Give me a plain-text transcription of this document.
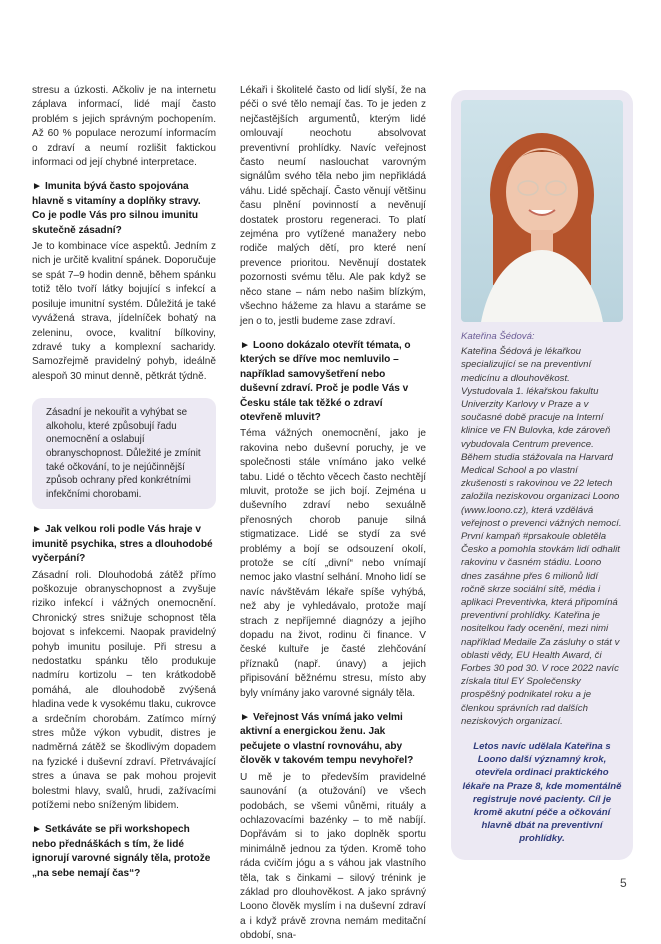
stresu a úzkosti. Ačkoliv je na internetu záplava informací, lidé mají často problém s jejich správným pochopením. Až 60 % populace nerozumí informacím o zdraví a neumí rozlišit faktickou informaci od její chybné interpretace.

► Imunita bývá často spojována hlavně s vitamíny a doplňky stravy. Co je podle Vás pro silnou imunitu skutečně zásadní?

Je to kombinace více aspektů. Jedním z nich je určitě kvalitní spánek. Doporučuje se spát 7–9 hodin denně, během spánku totiž tělo tvoří látky bojující s infekcí a posiluje imunitní systém. Důležitá je také vyvážená strava, jídelníček bohatý na zeleninu, ovoce, kvalitní bílkoviny, zdravé tuky a komplexní sacharidy. Samozřejmě pravidelný pohyb, ideálně alespoň 30 minut denně, pětkrát týdně.

Zásadní je nekouřit a vyhýbat se alkoholu, které způsobují řadu onemocnění a oslabují obranyschopnost. Důležité je zmínit také očkování, to je nejúčinnější způsob ochrany před konkrétními infekčními chorobami.

► Jak velkou roli podle Vás hraje v imunitě psychika, stres a dlouhodobé vyčerpání?

Zásadní roli. Dlouhodobá zátěž přímo poškozuje obranyschopnost a zvyšuje riziko infekcí i vážných onemocnění. Chronický stres snižuje schopnost těla bojovat s infekcemi. Naopak pravidelný pohyb imunitu posiluje. Při stresu a nedostatku spánku tělo produkuje nadmíru kortizolu – ten krátkodobě pomáhá, ale dlouhodobě zvýšená hladina vede k vysokému tlaku, cukrovce a srdečním chorobám. Zatímco mírný stres může výkon vybudit, distres je nadměrná zátěž se škodlivým dopadem na fyzické i duševní zdraví. Přetrvávající stres a únava se pak mohou projevit bolestmi hlavy, svalů, hrudi, zažívacími potížemi nebo sníženým libidem.

► Setkáváte se při workshopech nebo přednáškách s tím, že lidé ignorují varovné signály těla, protože „na sebe nemají čas“?

Lékaři i školitelé často od lidí slyší, že na péči o své tělo nemají čas. To je jeden z nejčastějších argumentů, kterým lidé omlouvají neochotu absolvovat preventivní prohlídky. Navíc veřejnost často neumí naslouchat varovným signálům svého těla nebo jim nepřikládá váhu. Lidé spěchají. Často věnují většinu času plnění povinností a nevěnují dostatek prostoru regeneraci. To platí zejména pro vytížené manažery nebo rodiče malých dětí, pro které není prevence prioritou. Nevěnují dostatek pozornosti svému tělu. Ale pak když se něco stane – nám nebo našim blízkým, všechno hážeme za hlavu a staráme se jen o to, jestli budeme zase zdraví.

► Loono dokázalo otevřít témata, o kterých se dříve moc nemluvilo – například samovyšetření nebo duševní zdraví. Proč je podle Vás v Česku stále tak těžké o zdraví otevřeně mluvit?

Téma vážných onemocnění, jako je rakovina nebo duševní poruchy, je ve společnosti stále vnímáno jako velké tabu. Lidé o těchto věcech často nechtějí mluvit, protože se jich bojí. Zejména u duševního zdraví nebo sexuálně přenosných chorob panuje silná stigmatizace. Lidé se stydí za své problémy a bojí se odsouzení okolí, protože se cítí „divní“ nebo vnímají nemoc jako vlastní selhání. Mnoho lidí se navíc návštěvám lékaře spíše vyhýbá, než aby je vyhledávalo, protože mají strach z nepříjemné diagnózy a jejího dopadu na život, rodinu či finance. V české kultuře je časté zlehčování příznaků (např. únavy) a jejich připisování běžnému stresu, místo aby byly vnímány jako varovné signály těla.

► Veřejnost Vás vnímá jako velmi aktivní a energickou ženu. Jak pečujete o vlastní rovnováhu, aby člověk v takovém tempu nevyhořel?

U mě je to především pravidelné saunování (a otužování) ve všech podobách, se všemi vůněmi, rituály a ochlazovacími bazénky – to mě nabíjí. Dopřávám si to jako doplněk sportu minimálně jednou za týden. Kromě toho ráda cvičím jógu a s váhou jak vlastního těla, tak s činkami – silový trénink je základ pro dlouhověkost. A jako správný Loono člověk myslím i na duševní zdraví a i když právě zrovna nemám meditační období, sna-

Kateřina Šédová:

Kateřina Šédová je lékařkou specializující se na preventivní medicínu a dlouhověkost. Vystudovala 1. lékařskou fakultu Univerzity Karlovy v Praze a v současné době pracuje na Interní klinice ve FN Bulovka, kde zároveň vybudovala Centrum prevence. Během studia stážovala na Harvard Medical School a po vlastní zkušenosti s rakovinou ve 22 letech založila neziskovou organizaci Loono (www.loono.cz), která vzdělává veřejnost o prevenci vážných nemocí. První kampaň #prsakoule obletěla Česko a pomohla stovkám lidí odhalit rakovinu v časném stádiu. Loono dnes zasáhne přes 6 milionů lidí ročně skrze sociální sítě, média i aplikaci Preventivka, která připomíná preventivní prohlídky. Kateřina je nositelkou řady ocenění, mezi nimi například Medaile Za zásluhy o stát v oblasti vědy, EU Health Award, či Forbes 30 pod 30. V roce 2022 navíc získala titul EY Společensky prospěšný podnikatel roku a je členkou správních rad dalších neziskových organizací.

Letos navíc udělala Kateřina s Loono další významný krok, otevřela ordinaci praktického lékaře na Praze 8, kde momentálně registruje nové pacienty. Cíl je kromě akutní péče a očkování hlavně dbát na preventivní prohlídky.
5
